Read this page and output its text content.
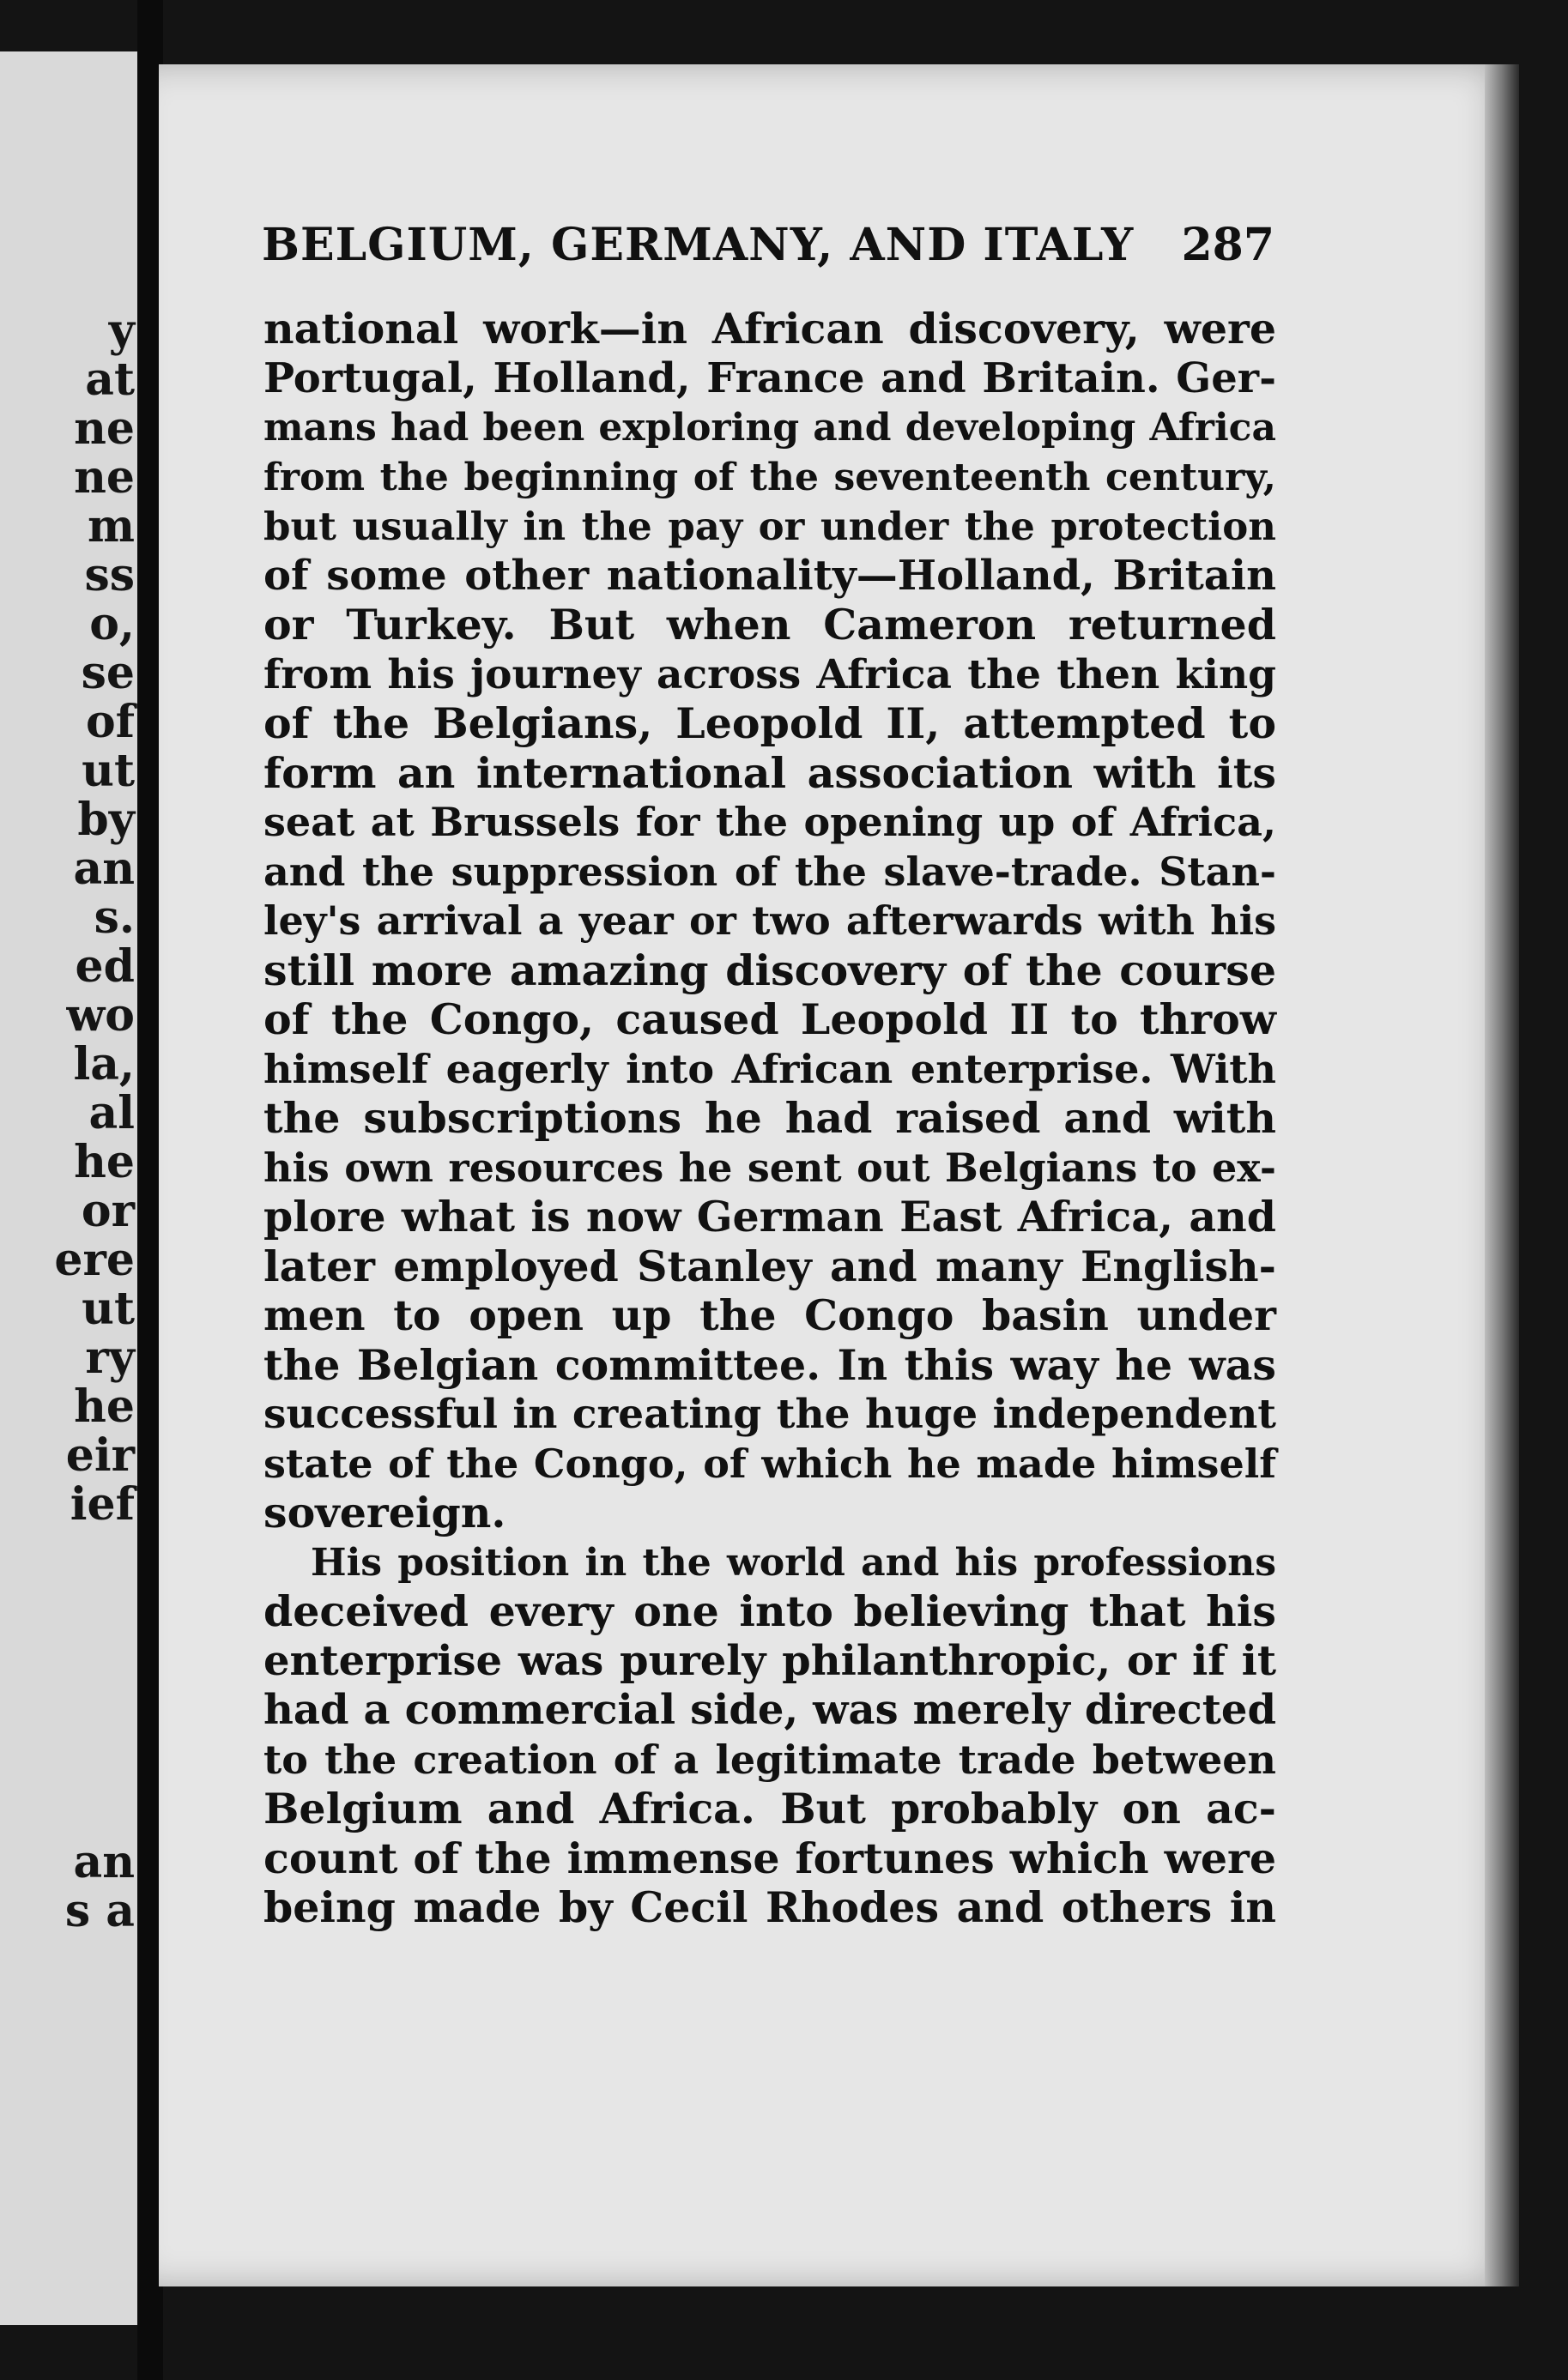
y
at
ne
ne
m
ss
o,
se
of
ut
by
an
s.
ed
wo
la,
al
he
or
ere
ut
ry
he
eir
ief
an
s a
BELGIUM, GERMANY, AND ITALY 287
national work—in African discovery, were
Portugal, Holland, France and Britain. Ger-
mans had been exploring and developing Africa
from the beginning of the seventeenth century,
but usually in the pay or under the protection
of some other nationality—Holland, Britain
or Turkey. But when Cameron returned
from his journey across Africa the then king
of the Belgians, Leopold II, attempted to
form an international association with its
seat at Brussels for the opening up of Africa,
and the suppression of the slave-trade. Stan-
ley's arrival a year or two afterwards with his
still more amazing discovery of the course
of the Congo, caused Leopold II to throw
himself eagerly into African enterprise. With
the subscriptions he had raised and with
his own resources he sent out Belgians to ex-
plore what is now German East Africa, and
later employed Stanley and many English-
men to open up the Congo basin under
the Belgian committee. In this way he was
successful in creating the huge independent
state of the Congo, of which he made himself
sovereign.
His position in the world and his professions
deceived every one into believing that his
enterprise was purely philanthropic, or if it
had a commercial side, was merely directed
to the creation of a legitimate trade between
Belgium and Africa. But probably on ac-
count of the immense fortunes which were
being made by Cecil Rhodes and others in
